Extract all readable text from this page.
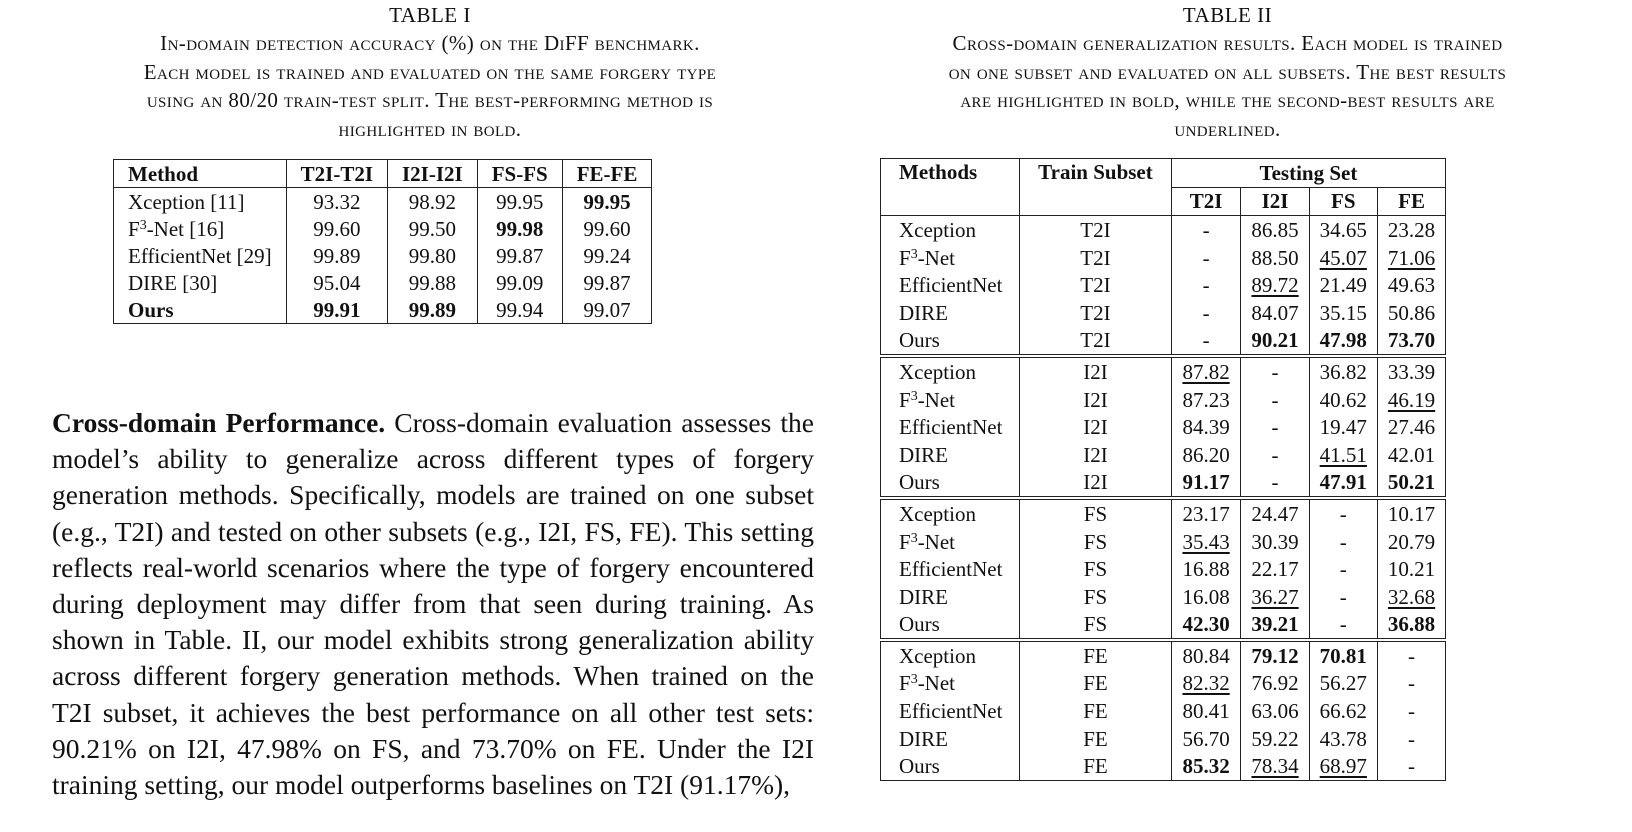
TABLE I
In-domain detection accuracy (%) on the DiFF benchmark.
Each model is trained and evaluated on the same forgery type
using an 80/20 train-test split. The best-performing method is
highlighted in bold.
Method	T2I-T2I	I2I-I2I	FS-FS	FE-FE
Xception [11]	93.32	98.92	99.95	99.95
$F^3$-Net [16]	99.60	99.50	99.98	99.60
EfficientNet [29]	99.89	99.80	99.87	99.24
DIRE [30]	95.04	99.88	99.09	99.87
Ours	99.91	99.89	99.94	99.07

Cross-domain Performance. Cross-domain evaluation assesses the model’s ability to generalize across different types of forgery generation methods. Specifically, models are trained on one subset (e.g., T2I) and tested on other subsets (e.g., I2I, FS, FE). This setting reflects real-world scenarios where the type of forgery encountered during deployment may differ from that seen during training. As shown in Table. II, our model exhibits strong generalization ability across different forgery generation methods. When trained on the T2I subset, it achieves the best performance on all other test sets: 90.21% on I2I, 47.98% on FS, and 73.70% on FE. Under the I2I training setting, our model outperforms baselines on T2I (91.17%),

TABLE II
Cross-domain generalization results. Each model is trained
on one subset and evaluated on all subsets. The best results
are highlighted in bold, while the second-best results are
underlined.
Methods	Train Subset	Testing Set			
		T2I	I2I	FS	FE
Xception	T2I	-	86.85	34.65	23.28
$F^3$-Net	T2I	-	88.50	45.07	71.06
EfficientNet	T2I	-	89.72	21.49	49.63
DIRE	T2I	-	84.07	35.15	50.86
Ours	T2I	-	90.21	47.98	73.70
Xception	I2I	87.82	-	36.82	33.39
$F^3$-Net	I2I	87.23	-	40.62	46.19
EfficientNet	I2I	84.39	-	19.47	27.46
DIRE	I2I	86.20	-	41.51	42.01
Ours	I2I	91.17	-	47.91	50.21
Xception	FS	23.17	24.47	-	10.17
$F^3$-Net	FS	35.43	30.39	-	20.79
EfficientNet	FS	16.88	22.17	-	10.21
DIRE	FS	16.08	36.27	-	32.68
Ours	FS	42.30	39.21	-	36.88
Xception	FE	80.84	79.12	70.81	-
$F^3$-Net	FE	82.32	76.92	56.27	-
EfficientNet	FE	80.41	63.06	66.62	-
DIRE	FE	56.70	59.22	43.78	-
Ours	FE	85.32	78.34	68.97	-
